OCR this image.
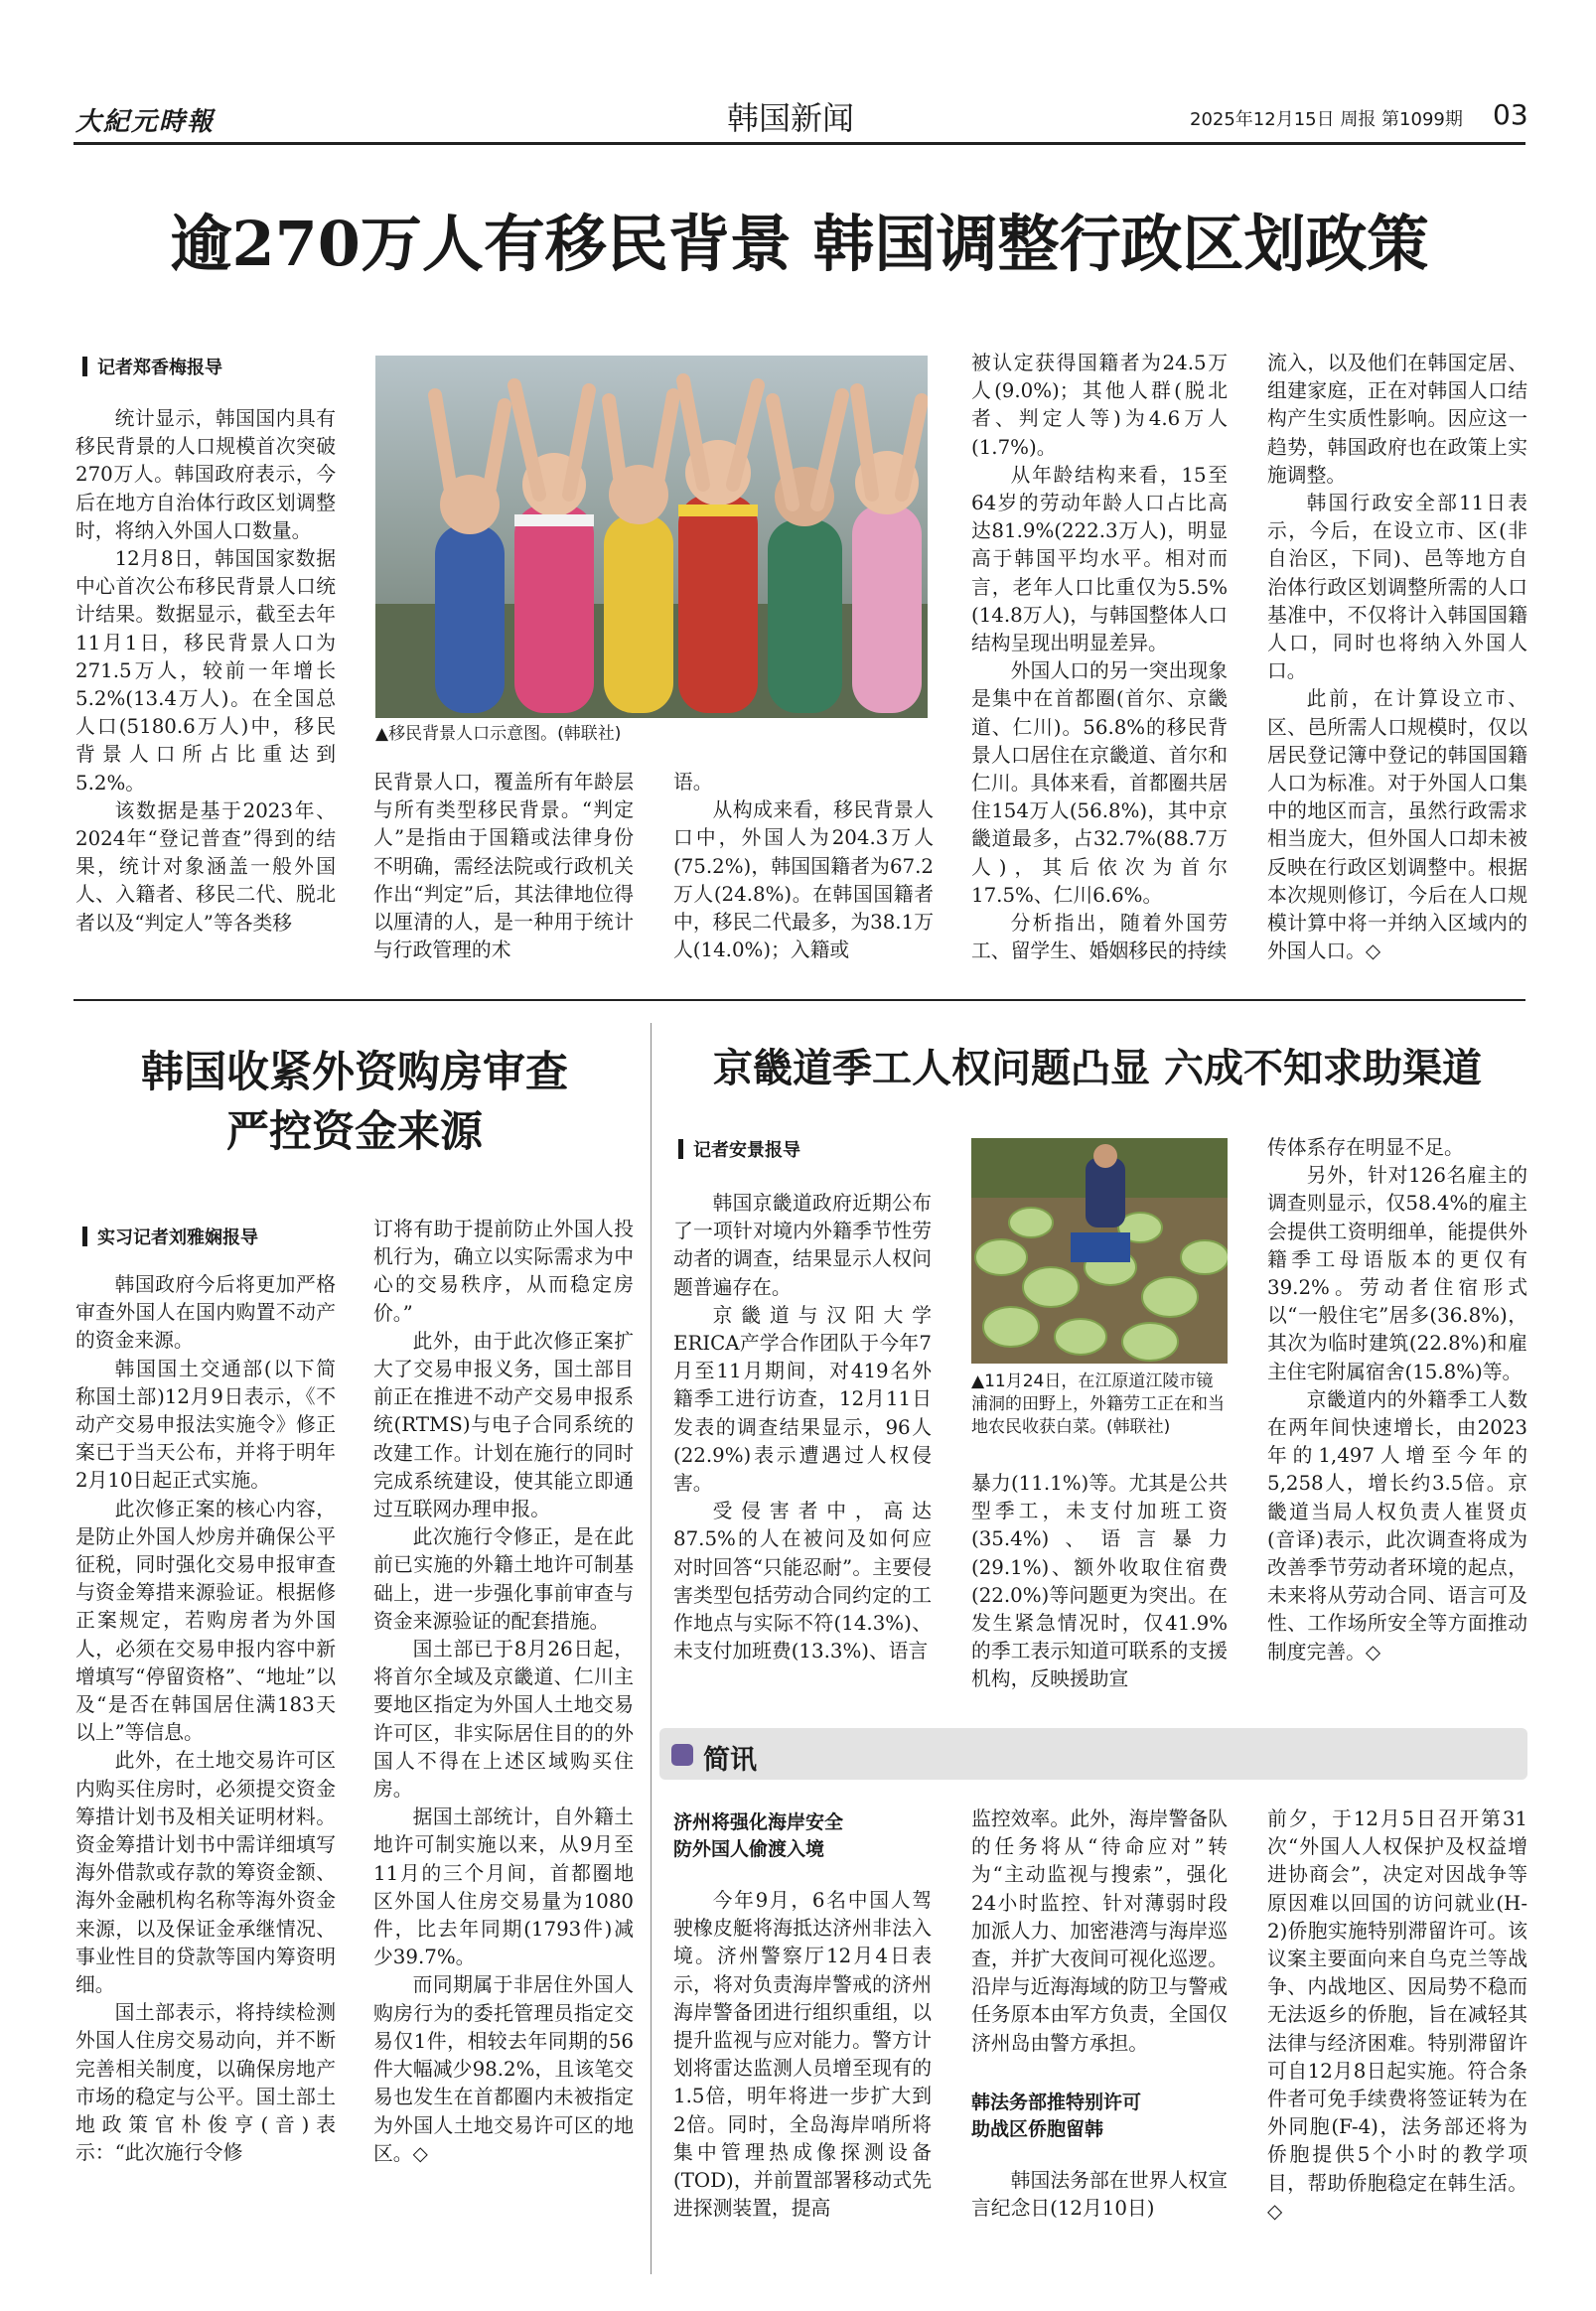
大紀元時報	韩国新闻	2025年12月15日 周报 第1099期 03
逾270万人有移民背景 韩国调整行政区划政策
记者郑香梅报导

统计显示，韩国国内具有移民背景的人口规模首次突破270万人。韩国政府表示，今后在地方自治体行政区划调整时，将纳入外国人口数量。

12月8日，韩国国家数据中心首次公布移民背景人口统计结果。数据显示，截至去年11月1日，移民背景人口为271.5万人，较前一年增长5.2%(13.4万人)。在全国总人口(5180.6万人)中，移民背景人口所占比重达到5.2%。

该数据是基于2023年、2024年“登记普查”得到的结果，统计对象涵盖一般外国人、入籍者、移民二代、脱北者以及“判定人”等各类移

▲移民背景人口示意图。(韩联社)

民背景人口，覆盖所有年龄层与所有类型移民背景。“判定人”是指由于国籍或法律身份不明确，需经法院或行政机关作出“判定”后，其法律地位得以厘清的人，是一种用于统计与行政管理的术

语。

从构成来看，移民背景人口中，外国人为204.3万人(75.2%)，韩国国籍者为67.2万人(24.8%)。在韩国国籍者中，移民二代最多，为38.1万人(14.0%)；入籍或

被认定获得国籍者为24.5万人(9.0%)；其他人群(脱北者、判定人等)为4.6万人(1.7%)。

从年龄结构来看，15至64岁的劳动年龄人口占比高达81.9%(222.3万人)，明显高于韩国平均水平。相对而言，老年人口比重仅为5.5%(14.8万人)，与韩国整体人口结构呈现出明显差异。

外国人口的另一突出现象是集中在首都圈(首尔、京畿道、仁川)。56.8%的移民背景人口居住在京畿道、首尔和仁川。具体来看，首都圈共居住154万人(56.8%)，其中京畿道最多，占32.7%(88.7万人)，其后依次为首尔17.5%、仁川6.6%。

分析指出，随着外国劳工、留学生、婚姻移民的持续

流入，以及他们在韩国定居、组建家庭，正在对韩国人口结构产生实质性影响。因应这一趋势，韩国政府也在政策上实施调整。

韩国行政安全部11日表示，今后，在设立市、区(非自治区，下同)、邑等地方自治体行政区划调整所需的人口基准中，不仅将计入韩国国籍人口，同时也将纳入外国人口。

此前，在计算设立市、区、邑所需人口规模时，仅以居民登记簿中登记的韩国国籍人口为标准。对于外国人口集中的地区而言，虽然行政需求相当庞大，但外国人口却未被反映在行政区划调整中。根据本次规则修订，今后在人口规模计算中将一并纳入区域内的外国人口。◇

韩国收紧外资购房审查
严控资金来源
实习记者刘雅娴报导

韩国政府今后将更加严格审查外国人在国内购置不动产的资金来源。

韩国国土交通部(以下简称国土部)12月9日表示，《不动产交易申报法实施令》修正案已于当天公布，并将于明年2月10日起正式实施。

此次修正案的核心内容，是防止外国人炒房并确保公平征税，同时强化交易申报审查与资金筹措来源验证。根据修正案规定，若购房者为外国人，必须在交易申报内容中新增填写“停留资格”、“地址”以及“是否在韩国居住满183天以上”等信息。

此外，在土地交易许可区内购买住房时，必须提交资金筹措计划书及相关证明材料。资金筹措计划书中需详细填写海外借款或存款的筹资金额、海外金融机构名称等海外资金来源，以及保证金承继情况、事业性目的贷款等国内筹资明细。

国土部表示，将持续检测外国人住房交易动向，并不断完善相关制度，以确保房地产市场的稳定与公平。国土部土地政策官朴俊亨(音)表示：“此次施行令修

订将有助于提前防止外国人投机行为，确立以实际需求为中心的交易秩序，从而稳定房价。”

此外，由于此次修正案扩大了交易申报义务，国土部目前正在推进不动产交易申报系统(RTMS)与电子合同系统的改建工作。计划在施行的同时完成系统建设，使其能立即通过互联网办理申报。

此次施行令修正，是在此前已实施的外籍土地许可制基础上，进一步强化事前审查与资金来源验证的配套措施。

国土部已于8月26日起，将首尔全域及京畿道、仁川主要地区指定为外国人土地交易许可区，非实际居住目的的外国人不得在上述区域购买住房。

据国土部统计，自外籍土地许可制实施以来，从9月至11月的三个月间，首都圈地区外国人住房交易量为1080件，比去年同期(1793件)减少39.7%。

而同期属于非居住外国人购房行为的委托管理员指定交易仅1件，相较去年同期的56件大幅减少98.2%，且该笔交易也发生在首都圈内未被指定为外国人土地交易许可区的地区。◇

京畿道季工人权问题凸显 六成不知求助渠道
记者安景报导

韩国京畿道政府近期公布了一项针对境内外籍季节性劳动者的调查，结果显示人权问题普遍存在。

京畿道与汉阳大学ERICA产学合作团队于今年7月至11月期间，对419名外籍季工进行访查，12月11日发表的调查结果显示，96人(22.9%)表示遭遇过人权侵害。

受侵害者中，高达87.5%的人在被问及如何应对时回答“只能忍耐”。主要侵害类型包括劳动合同约定的工作地点与实际不符(14.3%)、未支付加班费(13.3%)、语言

▲11月24日，在江原道江陵市镜浦洞的田野上，外籍劳工正在和当地农民收获白菜。(韩联社)

暴力(11.1%)等。尤其是公共型季工，未支付加班工资(35.4%)、语言暴力(29.1%)、额外收取住宿费(22.0%)等问题更为突出。在发生紧急情况时，仅41.9%的季工表示知道可联系的支援机构，反映援助宣

传体系存在明显不足。

另外，针对126名雇主的调查则显示，仅58.4%的雇主会提供工资明细单，能提供外籍季工母语版本的更仅有39.2%。劳动者住宿形式以“一般住宅”居多(36.8%)，其次为临时建筑(22.8%)和雇主住宅附属宿舍(15.8%)等。

京畿道内的外籍季工人数在两年间快速增长，由2023年的1,497人增至今年的5,258人，增长约3.5倍。京畿道当局人权负责人崔贤贞(音译)表示，此次调查将成为改善季节劳动者环境的起点，未来将从劳动合同、语言可及性、工作场所安全等方面推动制度完善。◇

简讯
济州将强化海岸安全
防外国人偷渡入境

今年9月，6名中国人驾驶橡皮艇将海抵达济州非法入境。济州警察厅12月4日表示，将对负责海岸警戒的济州海岸警备团进行组织重组，以提升监视与应对能力。警方计划将雷达监测人员增至现有的1.5倍，明年将进一步扩大到2倍。同时，全岛海岸哨所将集中管理热成像探测设备(TOD)，并前置部署移动式先进探测装置，提高

监控效率。此外，海岸警备队的任务将从“待命应对”转为“主动监视与搜索”，强化24小时监控、针对薄弱时段加派人力、加密港湾与海岸巡查，并扩大夜间可视化巡逻。沿岸与近海海域的防卫与警戒任务原本由军方负责，全国仅济州岛由警方承担。

韩法务部推特别许可
助战区侨胞留韩

韩国法务部在世界人权宣言纪念日(12月10日)

前夕，于12月5日召开第31次“外国人人权保护及权益增进协商会”，决定对因战争等原因难以回国的访问就业(H-2)侨胞实施特别滞留许可。该议案主要面向来自乌克兰等战争、内战地区、因局势不稳而无法返乡的侨胞，旨在减轻其法律与经济困难。特别滞留许可自12月8日起实施。符合条件者可免手续费将签证转为在外同胞(F-4)，法务部还将为侨胞提供5个小时的教学项目，帮助侨胞稳定在韩生活。◇
